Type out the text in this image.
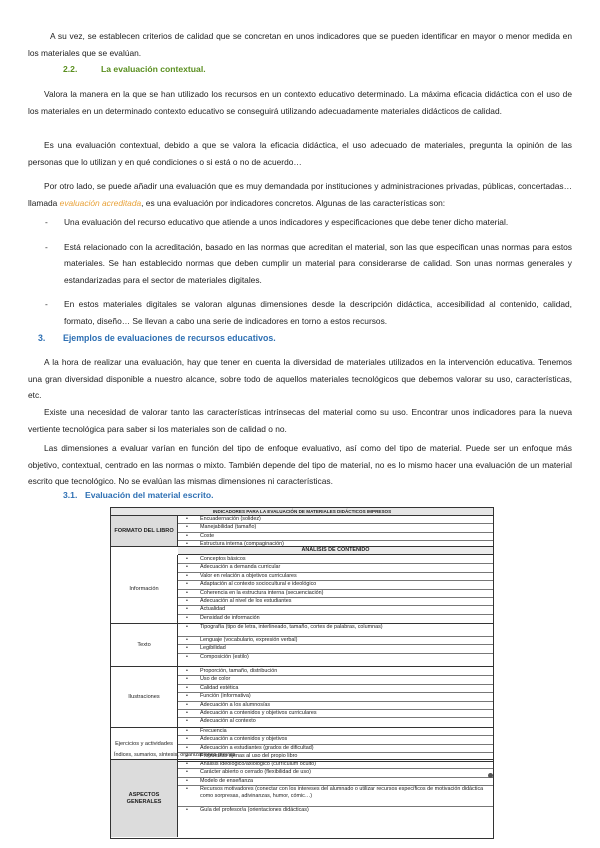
A su vez, se establecen criterios de calidad que se concretan en unos indicadores que se pueden identificar en mayor o menor medida en los materiales que se evalúan.

2.2.	La evaluación contextual.

Valora la manera en la que se han utilizado los recursos en un contexto educativo determinado. La máxima eficacia didáctica con el uso de los materiales en un determinado contexto educativo se conseguirá utilizando adecuadamente materiales didácticos de calidad.

Es una evaluación contextual, debido a que se valora la eficacia didáctica, el uso adecuado de materiales, pregunta la opinión de las personas que lo utilizan y en qué condiciones o si está o no de acuerdo…

Por otro lado, se puede añadir una evaluación que es muy demandada por instituciones y administraciones privadas, públicas, concertadas… llamada evaluación acreditada, es una evaluación por indicadores concretos. Algunas de las características son:

- Una evaluación del recurso educativo que atiende a unos indicadores y especificaciones que debe tener dicho material.
- Está relacionado con la acreditación, basado en las normas que acreditan el material, son las que especifican unas normas para estos materiales. Se han establecido normas que deben cumplir un material para considerarse de calidad. Son unas normas generales y estandarizadas para el sector de materiales digitales.
- En estos materiales digitales se valoran algunas dimensiones desde la descripción didáctica, accesibilidad al contenido, calidad, formato, diseño… Se llevan a cabo una serie de indicadores en torno a estos recursos.
3. Ejemplos de evaluaciones de recursos educativos.

A la hora de realizar una evaluación, hay que tener en cuenta la diversidad de materiales utilizados en la intervención educativa. Tenemos una gran diversidad disponible a nuestro alcance, sobre todo de aquellos materiales tecnológicos que debemos valorar su uso, características, etc.

Existe una necesidad de valorar tanto las características intrínsecas del material como su uso. Encontrar unos indicadores para la nueva vertiente tecnológica para saber si los materiales son de calidad o no.

Las dimensiones a evaluar varían en función del tipo de enfoque evaluativo, así como del tipo de material. Puede ser un enfoque más objetivo, contextual, centrado en las normas o mixto. También depende del tipo de material, no es lo mismo hacer una evaluación de un material escrito que tecnológico. No se evalúan las mismas dimensiones ni características.

3.1. Evaluación del material escrito.
INDICADORES PARA LA EVALUACIÓN DE MATERIALES DIDÁCTICOS IMPRESOS
FORMATO DEL LIBRO
• Encuadernación (solidez)
• Manejabilidad (tamaño)
• Coste
• Estructura interna (compaginación)
ANÁLISIS DE CONTENIDO
Información
• Conceptos básicos
• Adecuación a demanda curricular
• Valor en relación a objetivos curriculares
• Adaptación al contexto sociocultural e ideológico
• Coherencia en la estructura interna (secuenciación)
• Adecuación al nivel de los estudiantes
• Actualidad
• Densidad de información
Texto
• Tipografía (tipo de letra, interlineado, tamaño, cortes de palabras, columnas)
• Lenguaje (vocabulario, expresión verbal)
• Legibilidad
• Composición (estilo)
Ilustraciones
• Proporción, tamaño, distribución
• Uso de color
• Calidad estética
• Función (informativa)
• Adecuación a los alumnos/as
• Adecuación a contenidos y objetivos curriculares
• Adecuación al contexto
Ejercicios y actividades
• Frecuencia
• Adecuación a contenidos y objetivos
• Adecuación a estudiantes (grados de dificultad)
• Propuestas ajenas al uso del propio libro
Índices, sumarios, síntesis, organizaciones previas
ASPECTOS GENERALES
• Análisis ideológico/axiológico (currículum oculto)
• Carácter abierto o cerrado (flexibilidad de uso)
• Modelo de enseñanza
• Recursos motivadores (conectar con los intereses del alumnado o utilizar recursos específicos de motivación didáctica como sorpresas, adivinanzas, humor, cómic…)
• Guía del profesor/a (orientaciones didácticas)
